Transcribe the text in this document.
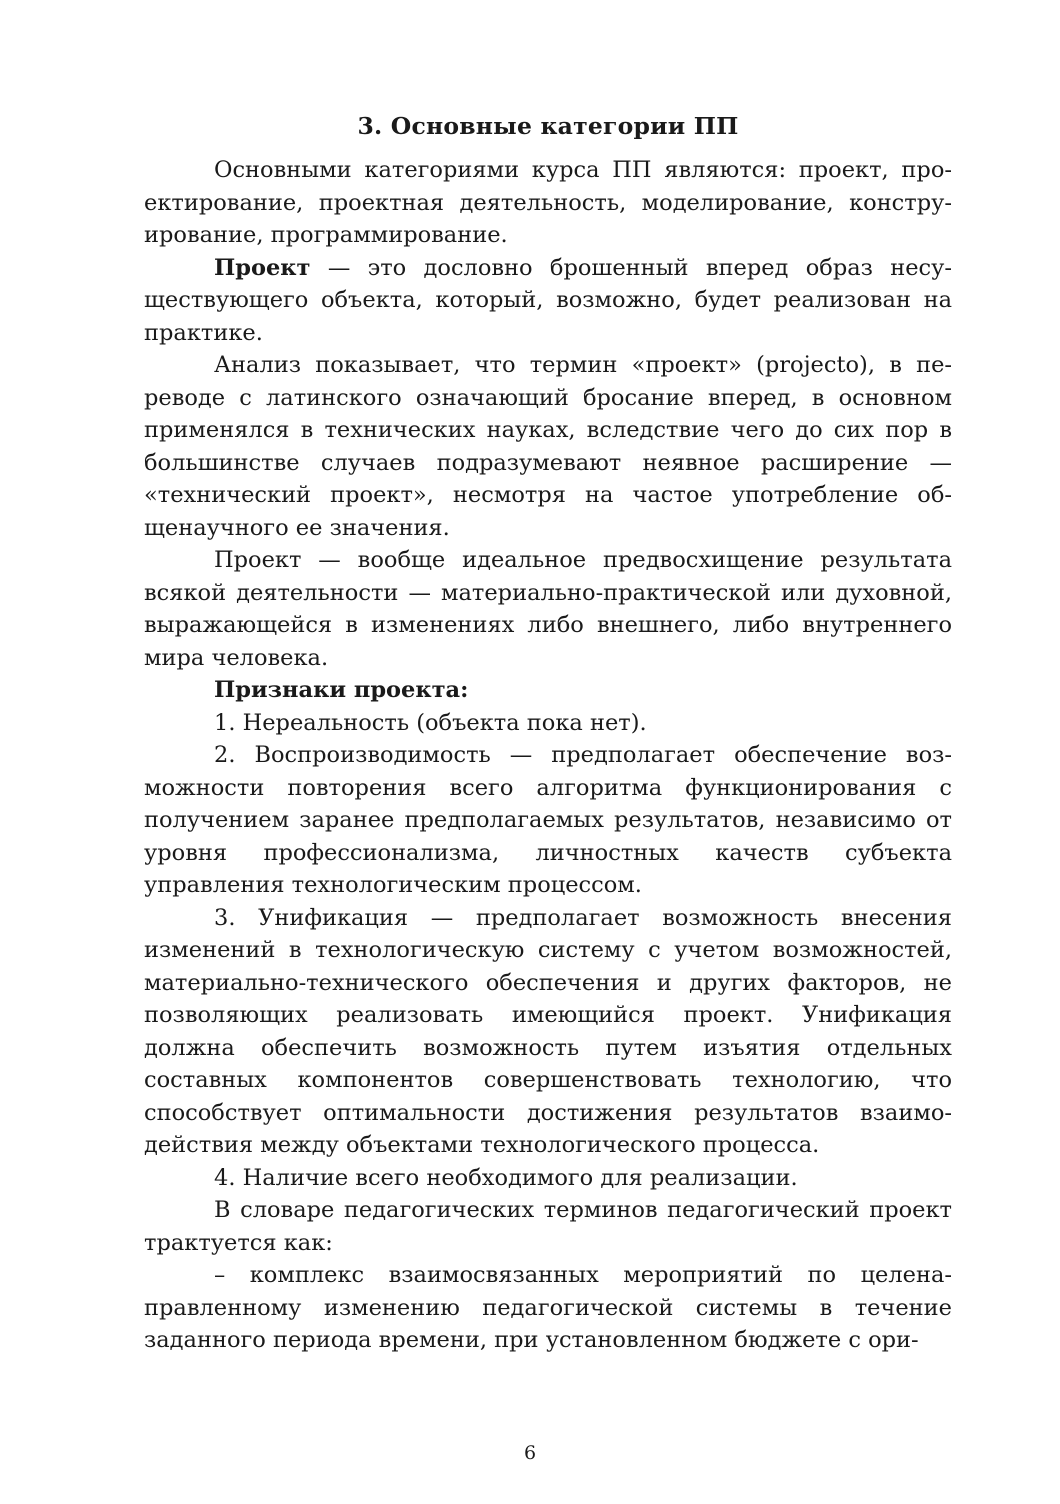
3. Основные категории ПП

Основными категориями курса ПП являются: проект, проектирование, проектная деятельность, моделирование, конструирование, программирование.

Проект — это дословно брошенный вперед образ несуществующего объекта, который, возможно, будет реализован на практике.

Анализ показывает, что термин «проект» (projecto), в переводе с латинского означающий бросание вперед, в основном применялся в технических науках, вследствие чего до сих пор в большинстве случаев подразумевают неявное расширение — «технический проект», несмотря на частое употребление общенаучного ее значения.

Проект — вообще идеальное предвосхищение результата всякой деятельности — материально-практической или духовной, выражающейся в изменениях либо внешнего, либо внутреннего мира человека.

Признаки проекта:

1. Нереальность (объекта пока нет).

2. Воспроизводимость — предполагает обеспечение возможности повторения всего алгоритма функционирования с получением заранее предполагаемых результатов, независимо от уровня профессионализма, личностных качеств субъекта управления технологическим процессом.

3. Унификация — предполагает возможность внесения изменений в технологическую систему с учетом возможностей, материально-технического обеспечения и других факторов, не позволяющих реализовать имеющийся проект. Унификация должна обеспечить возможность путем изъятия отдельных составных компонентов совершенствовать технологию, что способствует оптимальности достижения результатов взаимодействия между объектами технологического процесса.

4. Наличие всего необходимого для реализации.

В словаре педагогических терминов педагогический проект трактуется как:

– комплекс взаимосвязанных мероприятий по целенаправленному изменению педагогической системы в течение заданного периода времени, при установленном бюджете с ори-

6
